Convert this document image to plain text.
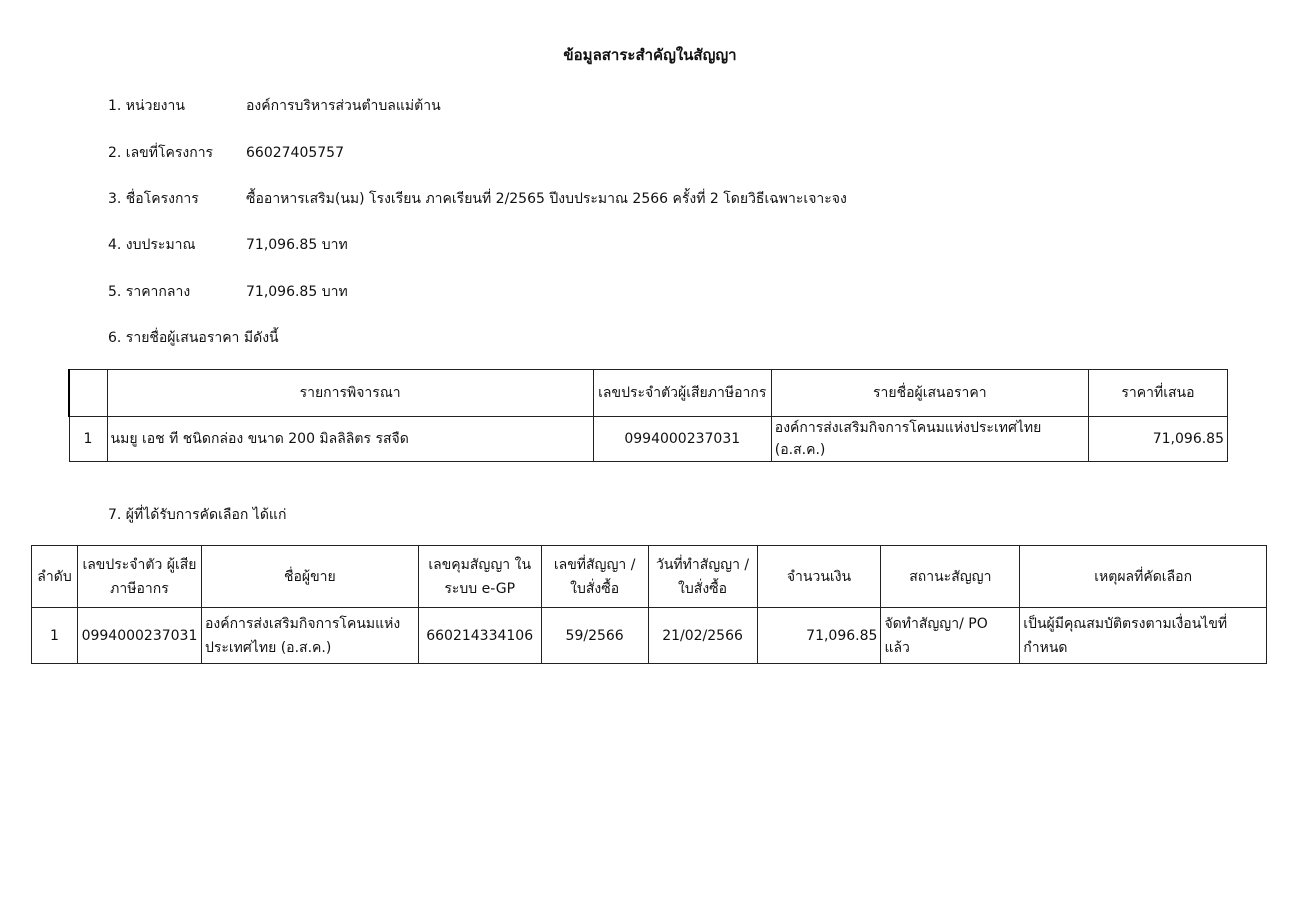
ข้อมูลสาระสำคัญในสัญญา
1. หน่วยงาน	องค์การบริหารส่วนตำบลแม่ต้าน
2. เลขที่โครงการ	66027405757
3. ชื่อโครงการ	ซื้ออาหารเสริม(นม) โรงเรียน ภาคเรียนที่ 2/2565 ปีงบประมาณ 2566 ครั้งที่ 2 โดยวิธีเฉพาะเจาะจง
4. งบประมาณ	71,096.85 บาท
5. ราคากลาง	71,096.85 บาท
6. รายชื่อผู้เสนอราคา มีดังนี้
	รายการพิจารณา	เลขประจำตัวผู้เสียภาษีอากร	รายชื่อผู้เสนอราคา	ราคาที่เสนอ
1	นมยู เอช ที ชนิดกล่อง ขนาด 200 มิลลิลิตร รสจืด	0994000237031	องค์การส่งเสริมกิจการโคนมแห่งประเทศไทย (อ.ส.ค.)	71,096.85
7. ผู้ที่ได้รับการคัดเลือก ได้แก่
ลำดับ	เลขประจำตัว ผู้เสียภาษีอากร	ชื่อผู้ขาย	เลขคุมสัญญา ในระบบ e-GP	เลขที่สัญญา / ใบสั่งซื้อ	วันที่ทำสัญญา / ใบสั่งซื้อ	จำนวนเงิน	สถานะสัญญา	เหตุผลที่คัดเลือก
1	0994000237031	องค์การส่งเสริมกิจการโคนมแห่งประเทศไทย (อ.ส.ค.)	660214334106	59/2566	21/02/2566	71,096.85	จัดทำสัญญา/ PO แล้ว	เป็นผู้มีคุณสมบัติตรงตามเงื่อนไขที่กำหนด
